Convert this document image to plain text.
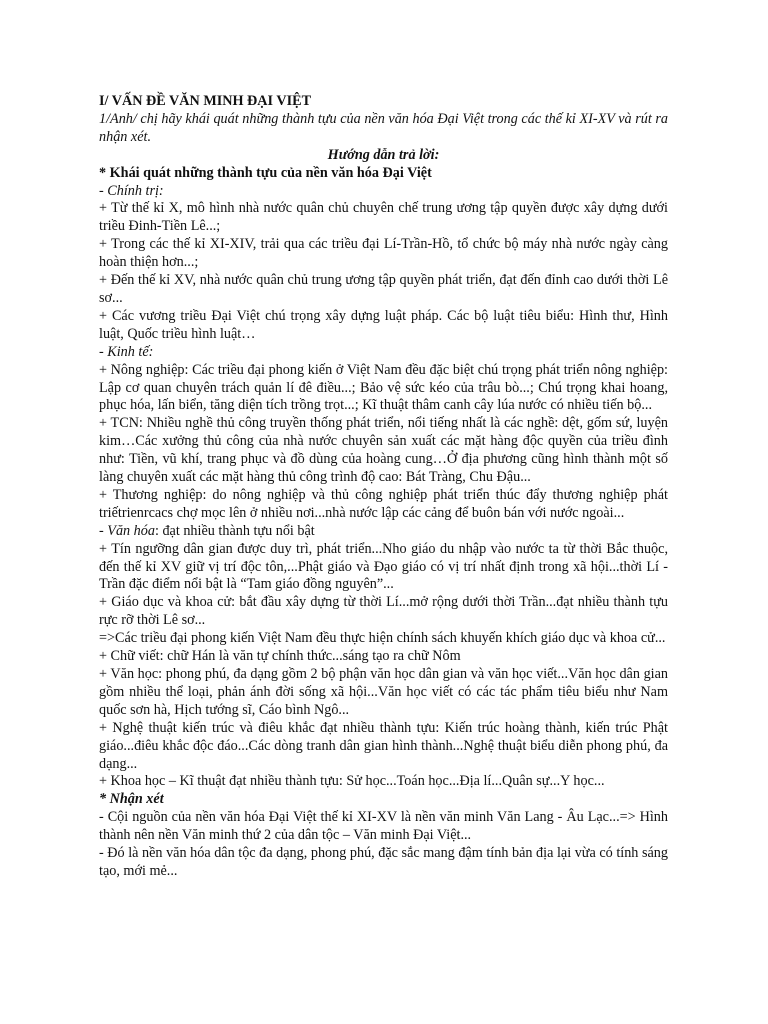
I/ VẤN ĐỀ VĂN MINH ĐẠI VIỆT

1/Anh/ chị hãy khái quát những thành tựu của nền văn hóa Đại Việt trong các thế kỉ XI-XV và rút ra nhận xét.

Hướng dẫn trả lời:

* Khái quát những thành tựu của nền văn hóa Đại Việt

- Chính trị:

+ Từ thế kỉ X, mô hình nhà nước quân chủ chuyên chế trung ương tập quyền được xây dựng dưới triều Đinh-Tiền Lê...;

+ Trong các thế kỉ XI-XIV, trải qua các triều đại Lí-Trần-Hồ, tổ chức bộ máy nhà nước ngày càng hoàn thiện hơn...;

+ Đến thế kỉ XV, nhà nước quân chủ trung ương tập quyền phát triển, đạt đến đỉnh cao dưới thời Lê sơ...

+ Các vương triều Đại Việt chú trọng xây dựng luật pháp. Các bộ luật tiêu biểu: Hình thư, Hình luật, Quốc triều hình luật…

- Kinh tế:

+ Nông nghiệp: Các triều đại phong kiến ở Việt Nam đều đặc biệt chú trọng phát triển nông nghiệp: Lập cơ quan chuyên trách quản lí đê điều...; Bảo vệ sức kéo của trâu bò...; Chú trọng khai hoang, phục hóa, lấn biển, tăng diện tích trồng trọt...; Kĩ thuật thâm canh cây lúa nước có nhiều tiến bộ...

+ TCN: Nhiều nghề thủ công truyền thống phát triển, nổi tiếng nhất là các nghề: dệt, gốm sứ, luyện kim…Các xưởng thủ công của nhà nước chuyên sản xuất các mặt hàng độc quyền của triều đình như: Tiền, vũ khí, trang phục và đồ dùng của hoàng cung…Ở địa phương cũng hình thành một số làng chuyên xuất các mặt hàng thủ công trình độ cao: Bát Tràng, Chu Đậu...

+ Thương nghiệp: do nông nghiệp và thủ công nghiệp phát triển thúc đẩy thương nghiệp phát triếtrienrcacs chợ mọc lên ở nhiều nơi...nhà nước lập các cảng để buôn bán với nước ngoài...

- Văn hóa: đạt nhiều thành tựu nổi bật

+ Tín ngưỡng dân gian được duy trì, phát triển...Nho giáo du nhập vào nước ta từ thời Bắc thuộc, đến thế kỉ XV giữ vị trí độc tôn,...Phật giáo và Đạo giáo có vị trí nhất định trong xã hội...thời Lí - Trần đặc điểm nổi bật là “Tam giáo đồng nguyên”...

+ Giáo dục và khoa cử: bắt đầu xây dựng từ thời Lí...mở rộng dưới thời Trần...đạt nhiều thành tựu rực rỡ thời Lê sơ...

=>Các triều đại phong kiến Việt Nam đều thực hiện chính sách khuyến khích giáo dục và khoa cử...

+ Chữ viết: chữ Hán là văn tự chính thức...sáng tạo ra chữ Nôm

+ Văn học: phong phú, đa dạng gồm 2 bộ phận văn học dân gian và văn học viết...Văn học dân gian gồm nhiều thể loại, phản ánh đời sống xã hội...Văn học viết có các tác phẩm tiêu biểu như Nam quốc sơn hà, Hịch tướng sĩ, Cáo bình Ngô...

+ Nghệ thuật kiến trúc và điêu khắc đạt nhiều thành tựu: Kiến trúc hoàng thành, kiến trúc Phật giáo...điêu khắc độc đáo...Các dòng tranh dân gian hình thành...Nghệ thuật biểu diễn phong phú, đa dạng...

+ Khoa học – Kĩ thuật đạt nhiều thành tựu: Sử học...Toán học...Địa lí...Quân sự...Y học...

* Nhận xét

- Cội nguồn của nền văn hóa Đại Việt thế kỉ XI-XV là nền văn minh Văn Lang - Âu Lạc...=> Hình thành nên nền Văn minh thứ 2 của dân tộc – Văn minh Đại Việt...

- Đó là nền văn hóa dân tộc đa dạng, phong phú, đặc sắc mang đậm tính bản địa lại vừa có tính sáng tạo, mới mẻ...
